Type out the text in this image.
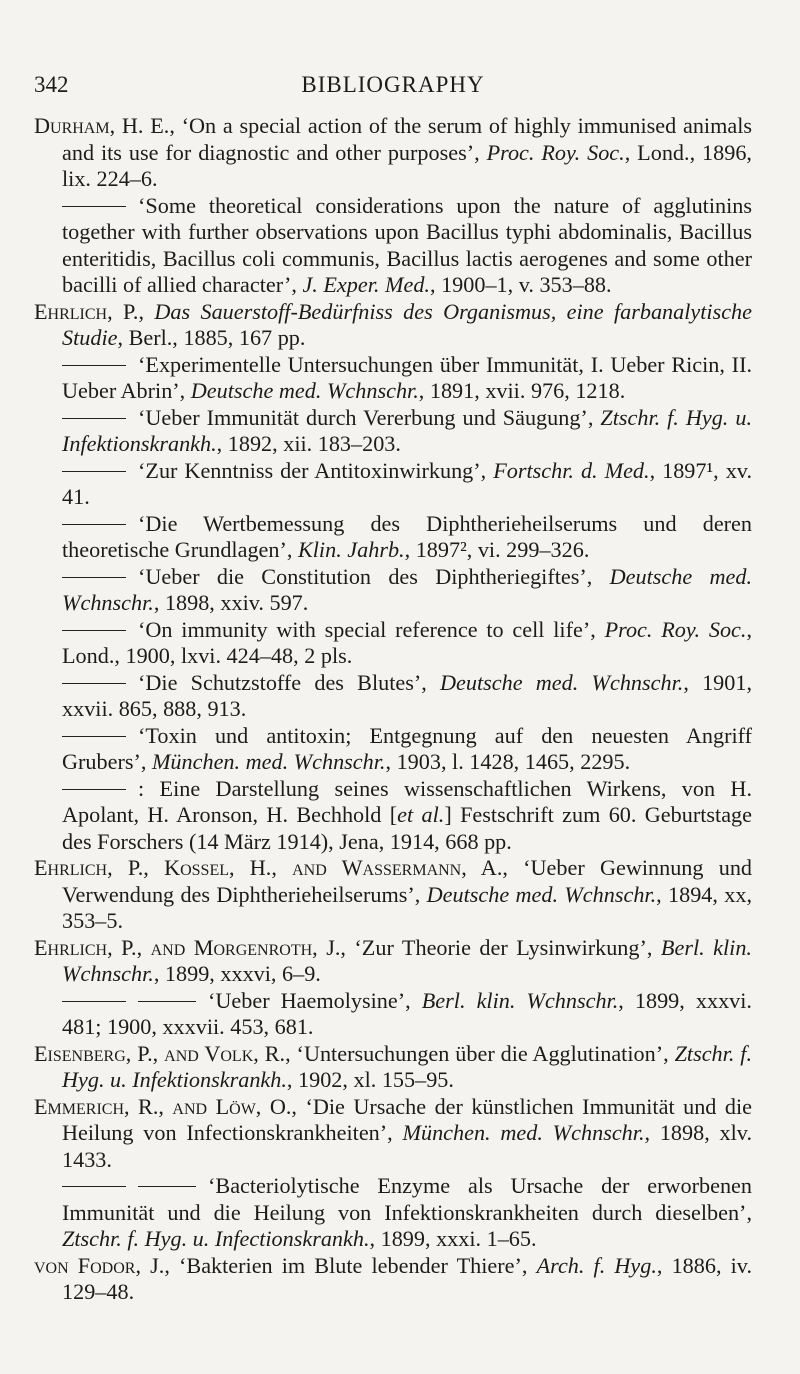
342	BIBLIOGRAPHY

Durham, H. E., ‘On a special action of the serum of highly immunised animals and its use for diagnostic and other purposes’, Proc. Roy. Soc., Lond., 1896, lix. 224–6.

‘Some theoretical considerations upon the nature of agglutinins together with further observations upon Bacillus typhi abdominalis, Bacillus enteritidis, Bacillus coli communis, Bacillus lactis aerogenes and some other bacilli of allied character’, J. Exper. Med., 1900–1, v. 353–88.

Ehrlich, P., Das Sauerstoff-Bedürfniss des Organismus, eine farbanalytische Studie, Berl., 1885, 167 pp.

‘Experimentelle Untersuchungen über Immunität, I. Ueber Ricin, II. Ueber Abrin’, Deutsche med. Wchnschr., 1891, xvii. 976, 1218.

‘Ueber Immunität durch Vererbung und Säugung’, Ztschr. f. Hyg. u. Infektionskrankh., 1892, xii. 183–203.

‘Zur Kenntniss der Antitoxinwirkung’, Fortschr. d. Med., 1897¹, xv. 41.

‘Die Wertbemessung des Diphtherieheilserums und deren theoretische Grundlagen’, Klin. Jahrb., 1897², vi. 299–326.

‘Ueber die Constitution des Diphtheriegiftes’, Deutsche med. Wchnschr., 1898, xxiv. 597.

‘On immunity with special reference to cell life’, Proc. Roy. Soc., Lond., 1900, lxvi. 424–48, 2 pls.

‘Die Schutzstoffe des Blutes’, Deutsche med. Wchnschr., 1901, xxvii. 865, 888, 913.

‘Toxin und antitoxin; Entgegnung auf den neuesten Angriff Grubers’, München. med. Wchnschr., 1903, l. 1428, 1465, 2295.

: Eine Darstellung seines wissenschaftlichen Wirkens, von H. Apolant, H. Aronson, H. Bechhold [et al.] Festschrift zum 60. Geburtstage des Forschers (14 März 1914), Jena, 1914, 668 pp.

Ehrlich, P., Kossel, H., and Wassermann, A., ‘Ueber Gewinnung und Verwendung des Diphtherieheilserums’, Deutsche med. Wchnschr., 1894, xx, 353–5.

Ehrlich, P., and Morgenroth, J., ‘Zur Theorie der Lysinwirkung’, Berl. klin. Wchnschr., 1899, xxxvi, 6–9.

‘Ueber Haemolysine’, Berl. klin. Wchnschr., 1899, xxxvi. 481; 1900, xxxvii. 453, 681.

Eisenberg, P., and Volk, R., ‘Untersuchungen über die Agglutination’, Ztschr. f. Hyg. u. Infektionskrankh., 1902, xl. 155–95.

Emmerich, R., and Löw, O., ‘Die Ursache der künstlichen Immunität und die Heilung von Infectionskrankheiten’, München. med. Wchnschr., 1898, xlv. 1433.

‘Bacteriolytische Enzyme als Ursache der erworbenen Immunität und die Heilung von Infektionskrankheiten durch dieselben’, Ztschr. f. Hyg. u. Infectionskrankh., 1899, xxxi. 1–65.

von Fodor, J., ‘Bakterien im Blute lebender Thiere’, Arch. f. Hyg., 1886, iv. 129–48.
